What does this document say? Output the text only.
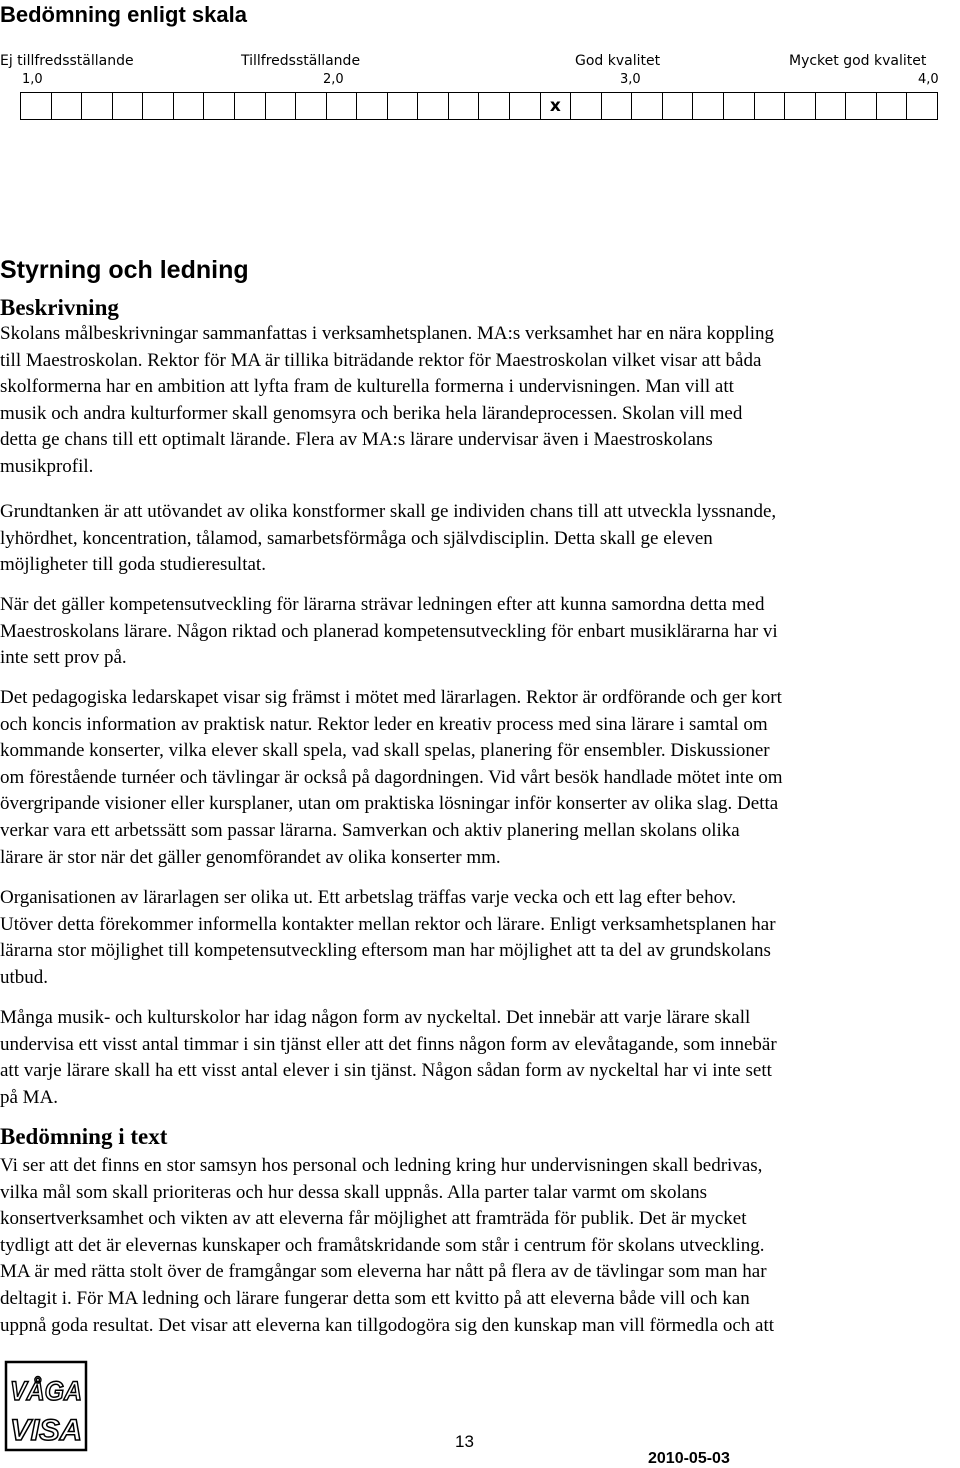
Bedömning enligt skala
Ej tillfredsställande	Tillfredsställande	God kvalitet	Mycket god kvalitet
1,0	2,0	3,0	4,0
x
Styrning och ledning
Beskrivning
Skolans målbeskrivningar sammanfattas i verksamhetsplanen. MA:s verksamhet har en nära koppling
till Maestroskolan. Rektor för MA är tillika biträdande rektor för Maestroskolan vilket visar att båda
skolformerna har en ambition att lyfta fram de kulturella formerna i undervisningen. Man vill att
musik och andra kulturformer skall genomsyra och berika hela lärandeprocessen. Skolan vill med
detta ge chans till ett optimalt lärande. Flera av MA:s lärare undervisar även i Maestroskolans
musikprofil.
Grundtanken är att utövandet av olika konstformer skall ge individen chans till att utveckla lyssnande,
lyhördhet, koncentration, tålamod, samarbetsförmåga och självdisciplin. Detta skall ge eleven
möjligheter till goda studieresultat.
När det gäller kompetensutveckling för lärarna strävar ledningen efter att kunna samordna detta med
Maestroskolans lärare. Någon riktad och planerad kompetensutveckling för enbart musiklärarna har vi
inte sett prov på.
Det pedagogiska ledarskapet visar sig främst i mötet med lärarlagen. Rektor är ordförande och ger kort
och koncis information av praktisk natur. Rektor leder en kreativ process med sina lärare i samtal om
kommande konserter, vilka elever skall spela, vad skall spelas, planering för ensembler. Diskussioner
om förestående turnéer och tävlingar är också på dagordningen. Vid vårt besök handlade mötet inte om
övergripande visioner eller kursplaner, utan om praktiska lösningar inför konserter av olika slag. Detta
verkar vara ett arbetssätt som passar lärarna. Samverkan och aktiv planering mellan skolans olika
lärare är stor när det gäller genomförandet av olika konserter mm.
Organisationen av lärarlagen ser olika ut. Ett arbetslag träffas varje vecka och ett lag efter behov.
Utöver detta förekommer informella kontakter mellan rektor och lärare. Enligt verksamhetsplanen har
lärarna stor möjlighet till kompetensutveckling eftersom man har möjlighet att ta del av grundskolans
utbud.
Många musik- och kulturskolor har idag någon form av nyckeltal. Det innebär att varje lärare skall
undervisa ett visst antal timmar i sin tjänst eller att det finns någon form av elevåtagande, som innebär
att varje lärare skall ha ett visst antal elever i sin tjänst. Någon sådan form av nyckeltal har vi inte sett
på MA.
Bedömning i text
Vi ser att det finns en stor samsyn hos personal och ledning kring hur undervisningen skall bedrivas,
vilka mål som skall prioriteras och hur dessa skall uppnås. Alla parter talar varmt om skolans
konsertverksamhet och vikten av att eleverna får möjlighet att framträda för publik. Det är mycket
tydligt att det är elevernas kunskaper och framåtskridande som står i centrum för skolans utveckling.
MA är med rätta stolt över de framgångar som eleverna har nått på flera av de tävlingar som man har
deltagit i. För MA ledning och lärare fungerar detta som ett kvitto på att eleverna både vill och kan
uppnå goda resultat. Det visar att eleverna kan tillgodogöra sig den kunskap man vill förmedla och att
VÅGA
VISA	13
2010-05-03
